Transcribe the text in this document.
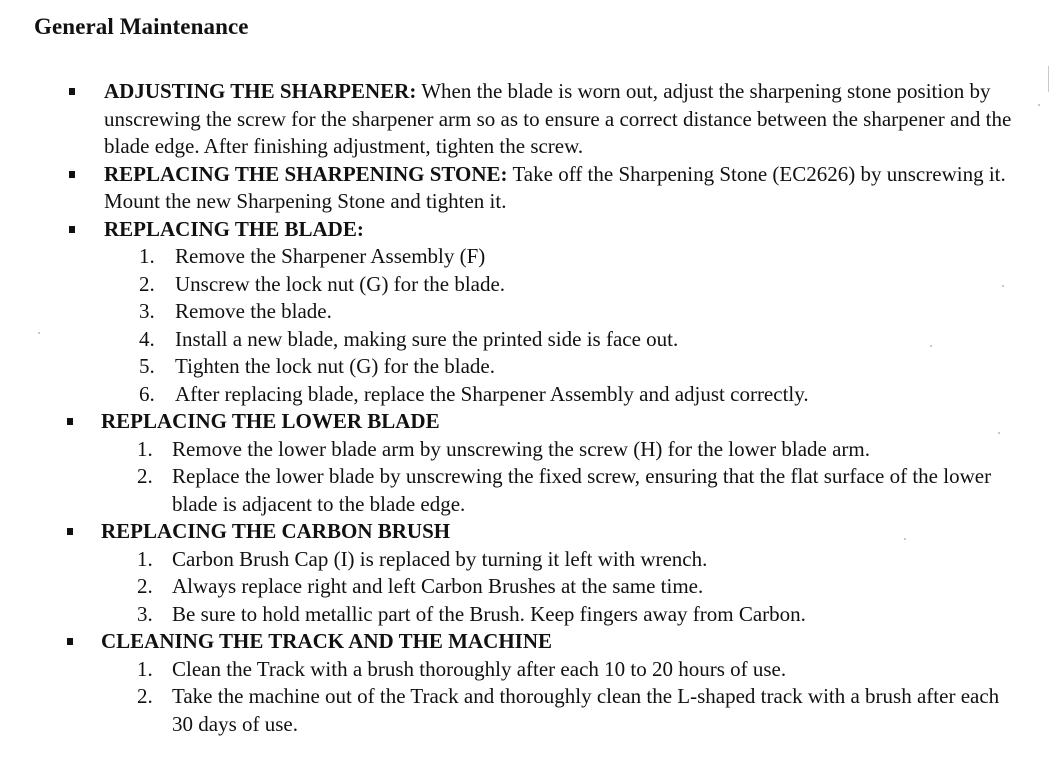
General Maintenance
ADJUSTING THE SHARPENER: When the blade is worn out, adjust the sharpening stone position by unscrewing the screw for the sharpener arm so as to ensure a correct distance between the sharpener and the blade edge. After finishing adjustment, tighten the screw.
REPLACING THE SHARPENING STONE: Take off the Sharpening Stone (EC2626) by unscrewing it. Mount the new Sharpening Stone and tighten it.
REPLACING THE BLADE:
1. Remove the Sharpener Assembly (F)
2. Unscrew the lock nut (G) for the blade.
3. Remove the blade.
4. Install a new blade, making sure the printed side is face out.
5. Tighten the lock nut (G) for the blade.
6. After replacing blade, replace the Sharpener Assembly and adjust correctly.
REPLACING THE LOWER BLADE
1. Remove the lower blade arm by unscrewing the screw (H) for the lower blade arm.
2. Replace the lower blade by unscrewing the fixed screw, ensuring that the flat surface of the lower blade is adjacent to the blade edge.
REPLACING THE CARBON BRUSH
1. Carbon Brush Cap (I) is replaced by turning it left with wrench.
2. Always replace right and left Carbon Brushes at the same time.
3. Be sure to hold metallic part of the Brush. Keep fingers away from Carbon.
CLEANING THE TRACK AND THE MACHINE
1. Clean the Track with a brush thoroughly after each 10 to 20 hours of use.
2. Take the machine out of the Track and thoroughly clean the L-shaped track with a brush after each 30 days of use.
